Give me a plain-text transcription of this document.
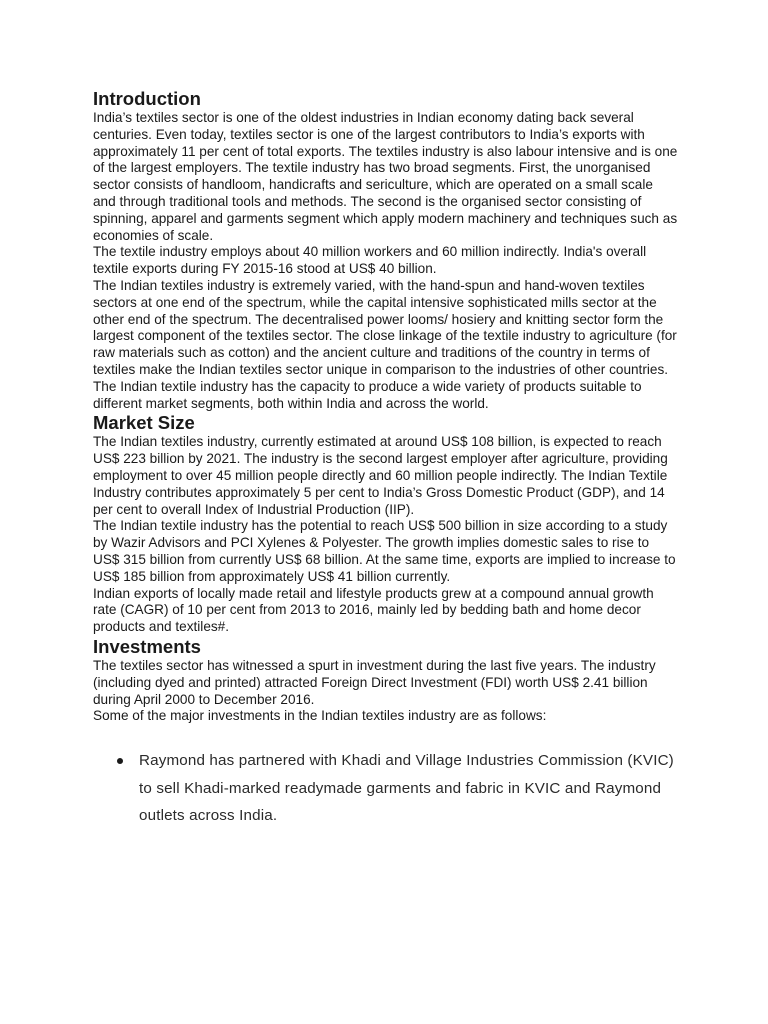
Introduction

India’s textiles sector is one of the oldest industries in Indian economy dating back several centuries. Even today, textiles sector is one of the largest contributors to India’s exports with approximately 11 per cent of total exports. The textiles industry is also labour intensive and is one of the largest employers. The textile industry has two broad segments. First, the unorganised sector consists of handloom, handicrafts and sericulture, which are operated on a small scale and through traditional tools and methods. The second is the organised sector consisting of spinning, apparel and garments segment which apply modern machinery and techniques such as economies of scale.

The textile industry employs about 40 million workers and 60 million indirectly. India's overall textile exports during FY 2015-16 stood at US$ 40 billion.

The Indian textiles industry is extremely varied, with the hand-spun and hand-woven textiles sectors at one end of the spectrum, while the capital intensive sophisticated mills sector at the other end of the spectrum. The decentralised power looms/ hosiery and knitting sector form the largest component of the textiles sector. The close linkage of the textile industry to agriculture (for raw materials such as cotton) and the ancient culture and traditions of the country in terms of textiles make the Indian textiles sector unique in comparison to the industries of other countries. The Indian textile industry has the capacity to produce a wide variety of products suitable to different market segments, both within India and across the world.

Market Size

The Indian textiles industry, currently estimated at around US$ 108 billion, is expected to reach US$ 223 billion by 2021. The industry is the second largest employer after agriculture, providing employment to over 45 million people directly and 60 million people indirectly. The Indian Textile Industry contributes approximately 5 per cent to India’s Gross Domestic Product (GDP), and 14 per cent to overall Index of Industrial Production (IIP).

The Indian textile industry has the potential to reach US$ 500 billion in size according to a study by Wazir Advisors and PCI Xylenes & Polyester. The growth implies domestic sales to rise to US$ 315 billion from currently US$ 68 billion. At the same time, exports are implied to increase to US$ 185 billion from approximately US$ 41 billion currently.

Indian exports of locally made retail and lifestyle products grew at a compound annual growth rate (CAGR) of 10 per cent from 2013 to 2016, mainly led by bedding bath and home decor products and textiles#.

Investments

The textiles sector has witnessed a spurt in investment during the last five years. The industry (including dyed and printed) attracted Foreign Direct Investment (FDI) worth US$ 2.41 billion during April 2000 to December 2016.

Some of the major investments in the Indian textiles industry are as follows:

Raymond has partnered with Khadi and Village Industries Commission (KVIC) to sell Khadi-marked readymade garments and fabric in KVIC and Raymond outlets across India.
